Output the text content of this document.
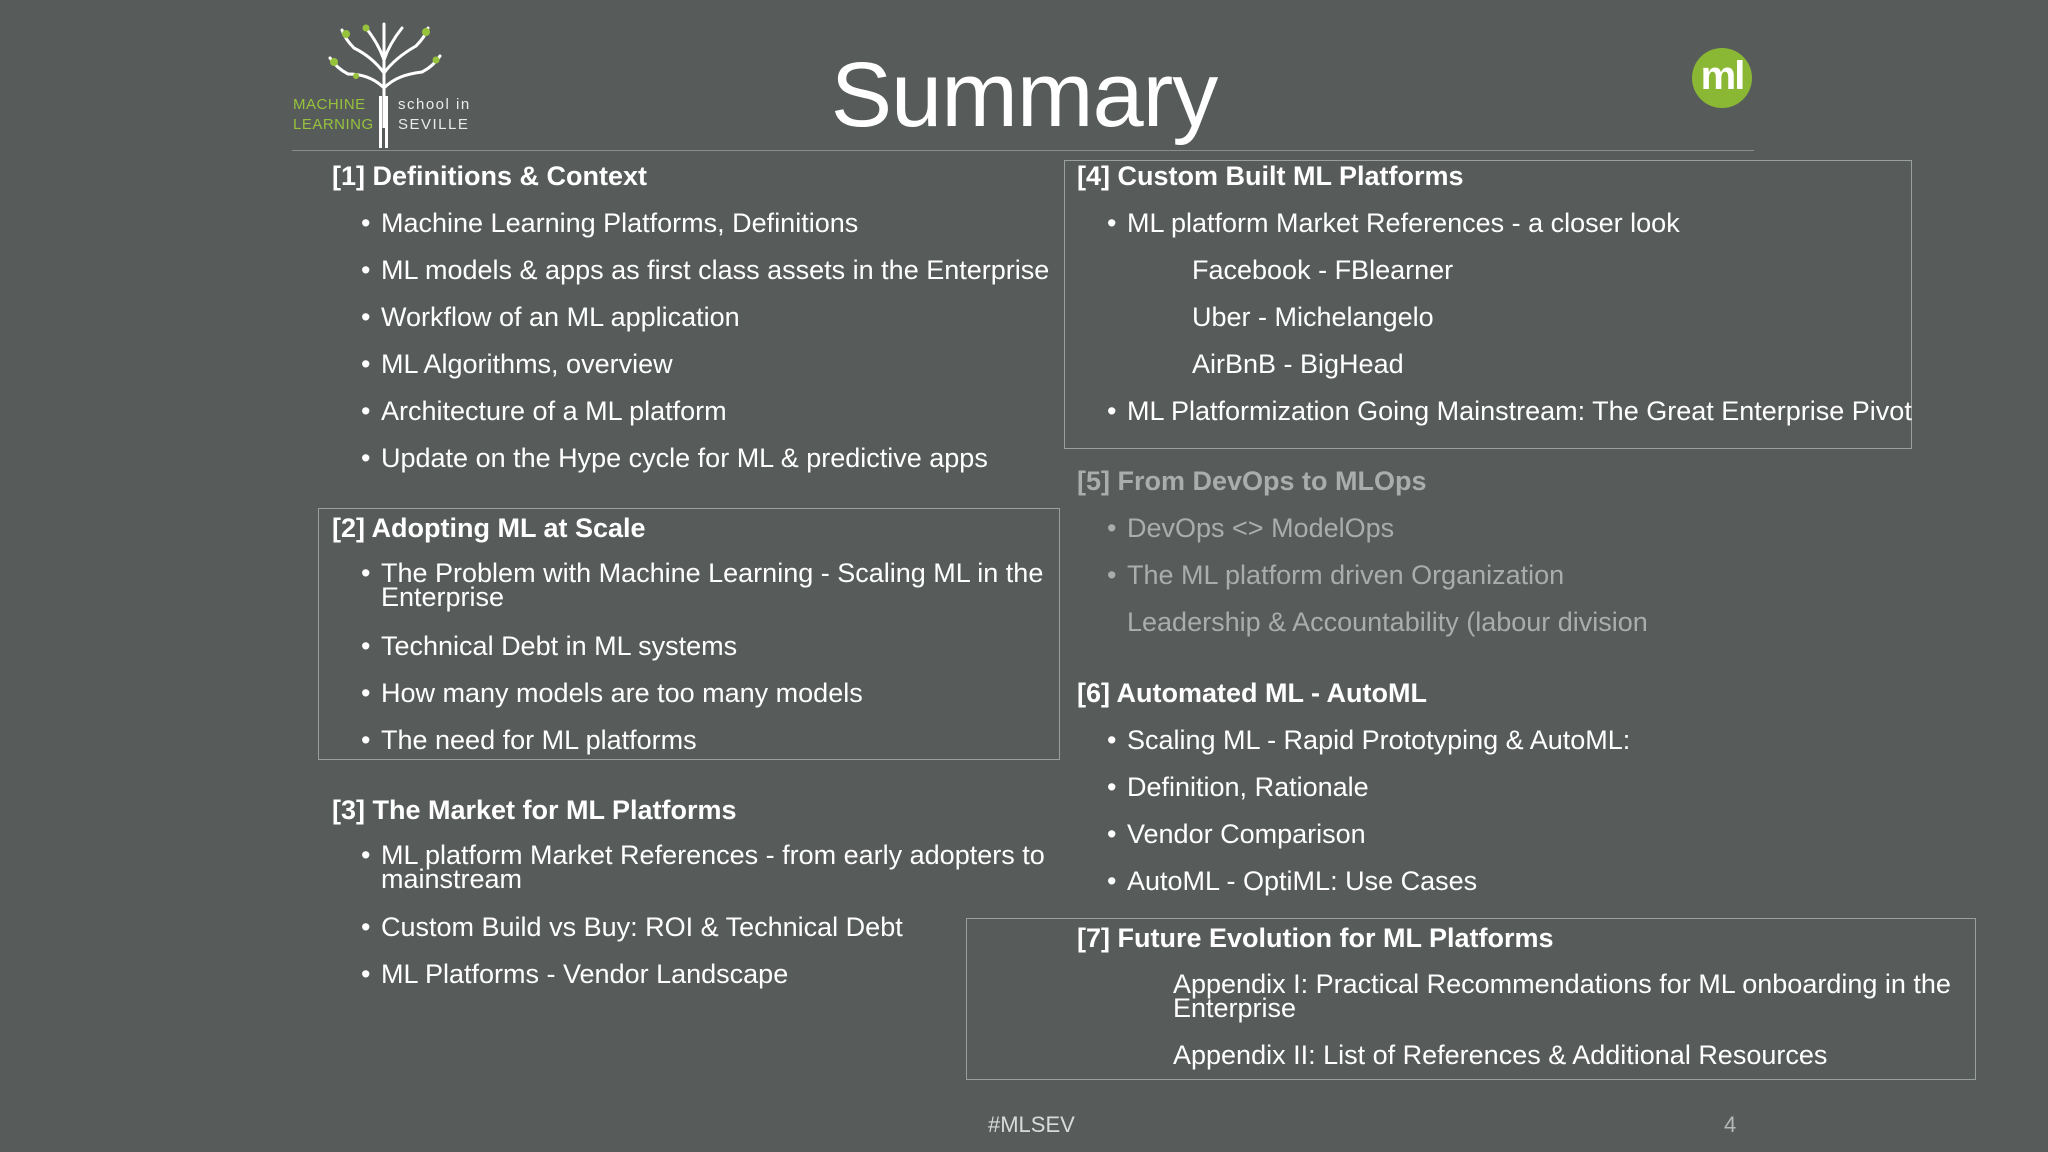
MACHINE
LEARNING
school in
SEVILLE	Summary	ml
[1] Definitions & Context
• Machine Learning Platforms, Definitions
• ML models & apps as first class assets in the Enterprise
• Workflow of an ML application
• ML Algorithms, overview
• Architecture of a ML platform
• Update on the Hype cycle for ML & predictive apps
[2] Adopting ML at Scale
• The Problem with Machine Learning - Scaling ML in the Enterprise
• Technical Debt in ML systems
• How many models are too many models
• The need for ML platforms
[3] The Market for ML Platforms
• ML platform Market References - from early adopters to mainstream
• Custom Build vs Buy: ROI & Technical Debt
• ML Platforms - Vendor Landscape
[4] Custom Built ML Platforms
• ML platform Market References - a closer look
Facebook - FBlearner
Uber - Michelangelo
AirBnB - BigHead
• ML Platformization Going Mainstream: The Great Enterprise Pivot
[5] From DevOps to MLOps
• DevOps <> ModelOps
• The ML platform driven Organization
Leadership & Accountability (labour division
[6] Automated ML - AutoML
• Scaling ML - Rapid Prototyping & AutoML:
• Definition, Rationale
• Vendor Comparison
• AutoML - OptiML: Use Cases
[7] Future Evolution for ML Platforms
Appendix I: Practical Recommendations for ML onboarding in the Enterprise
Appendix II: List of References & Additional Resources
#MLSEV	4
